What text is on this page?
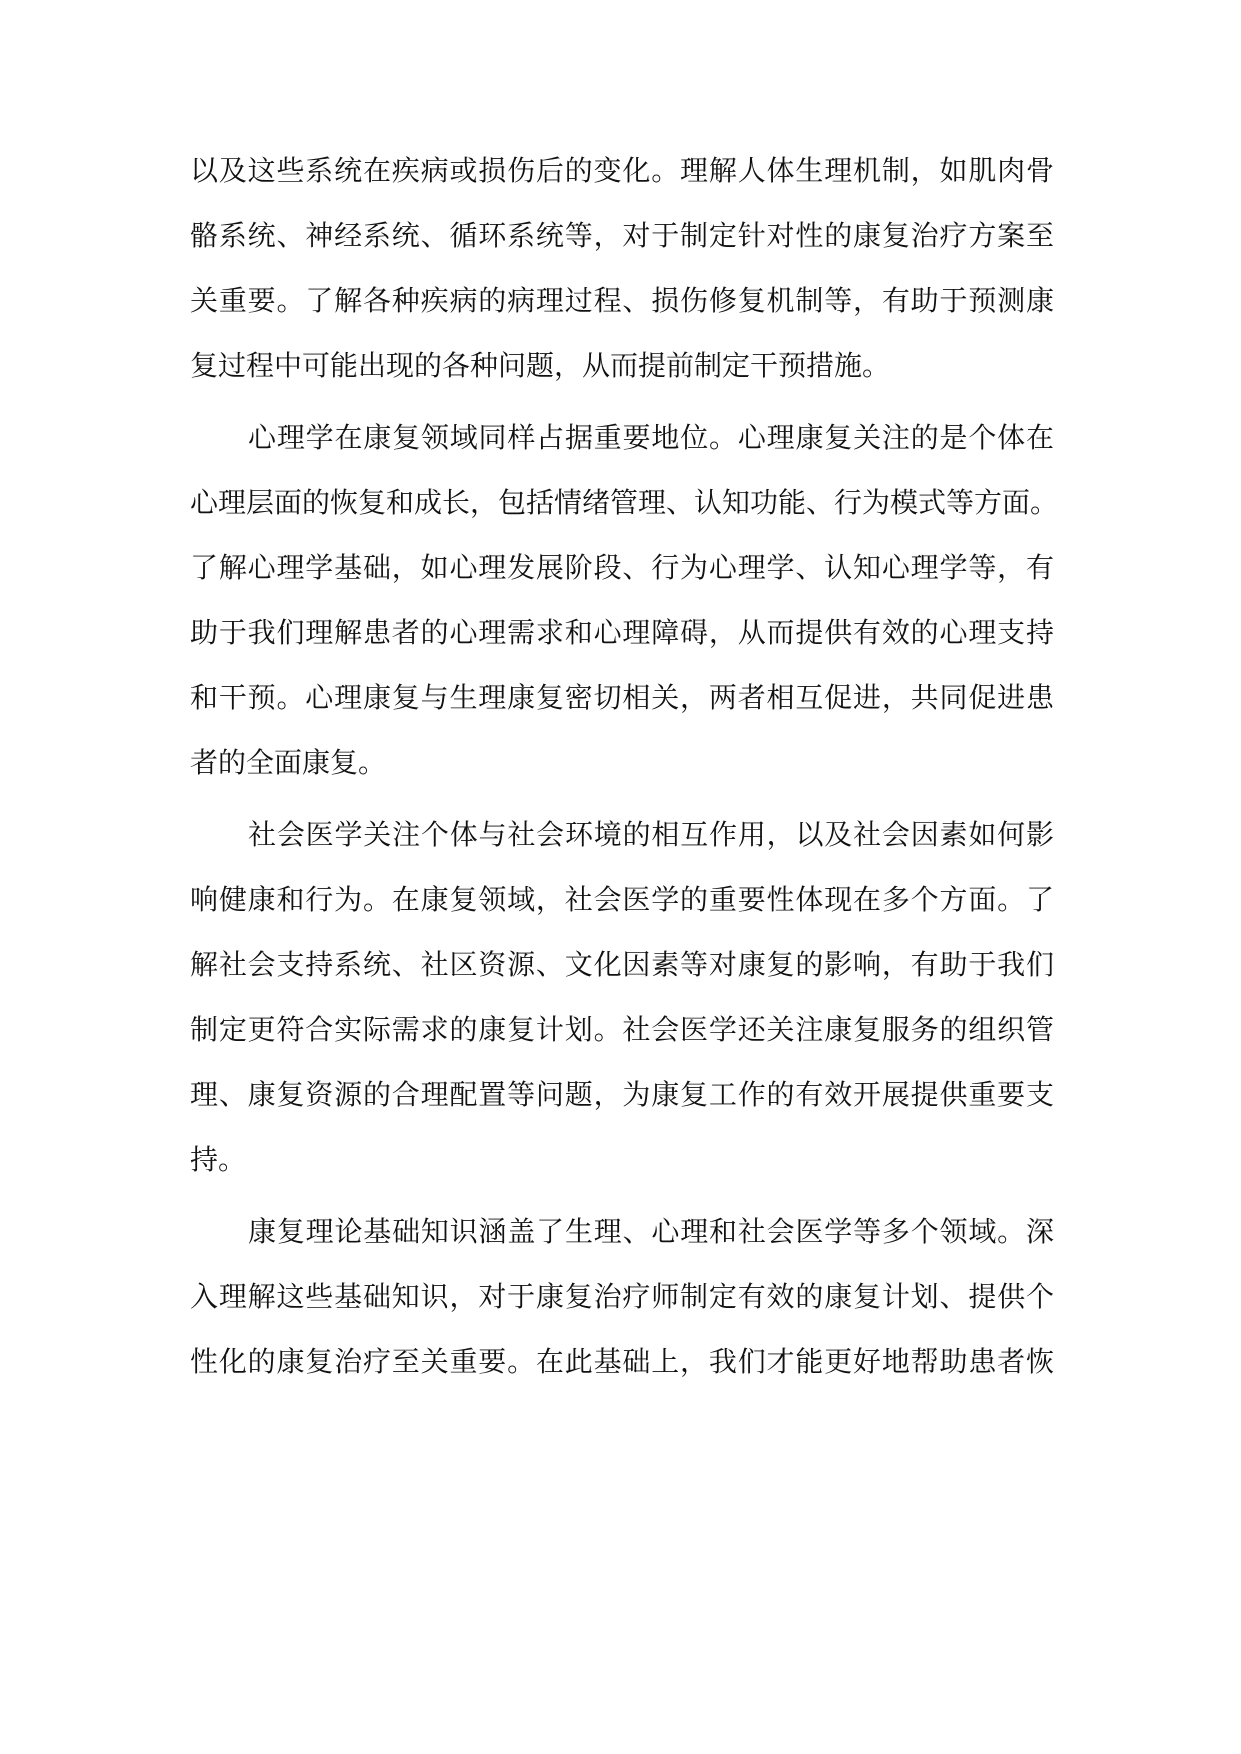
以及这些系统在疾病或损伤后的变化。理解人体生理机制，如肌肉骨
骼系统、神经系统、循环系统等，对于制定针对性的康复治疗方案至
关重要。了解各种疾病的病理过程、损伤修复机制等，有助于预测康
复过程中可能出现的各种问题，从而提前制定干预措施。
心理学在康复领域同样占据重要地位。心理康复关注的是个体在
心理层面的恢复和成长，包括情绪管理、认知功能、行为模式等方面。
了解心理学基础，如心理发展阶段、行为心理学、认知心理学等，有
助于我们理解患者的心理需求和心理障碍，从而提供有效的心理支持
和干预。心理康复与生理康复密切相关，两者相互促进，共同促进患
者的全面康复。
社会医学关注个体与社会环境的相互作用，以及社会因素如何影
响健康和行为。在康复领域，社会医学的重要性体现在多个方面。了
解社会支持系统、社区资源、文化因素等对康复的影响，有助于我们
制定更符合实际需求的康复计划。社会医学还关注康复服务的组织管
理、康复资源的合理配置等问题，为康复工作的有效开展提供重要支
持。
康复理论基础知识涵盖了生理、心理和社会医学等多个领域。深
入理解这些基础知识，对于康复治疗师制定有效的康复计划、提供个
性化的康复治疗至关重要。在此基础上，我们才能更好地帮助患者恢
